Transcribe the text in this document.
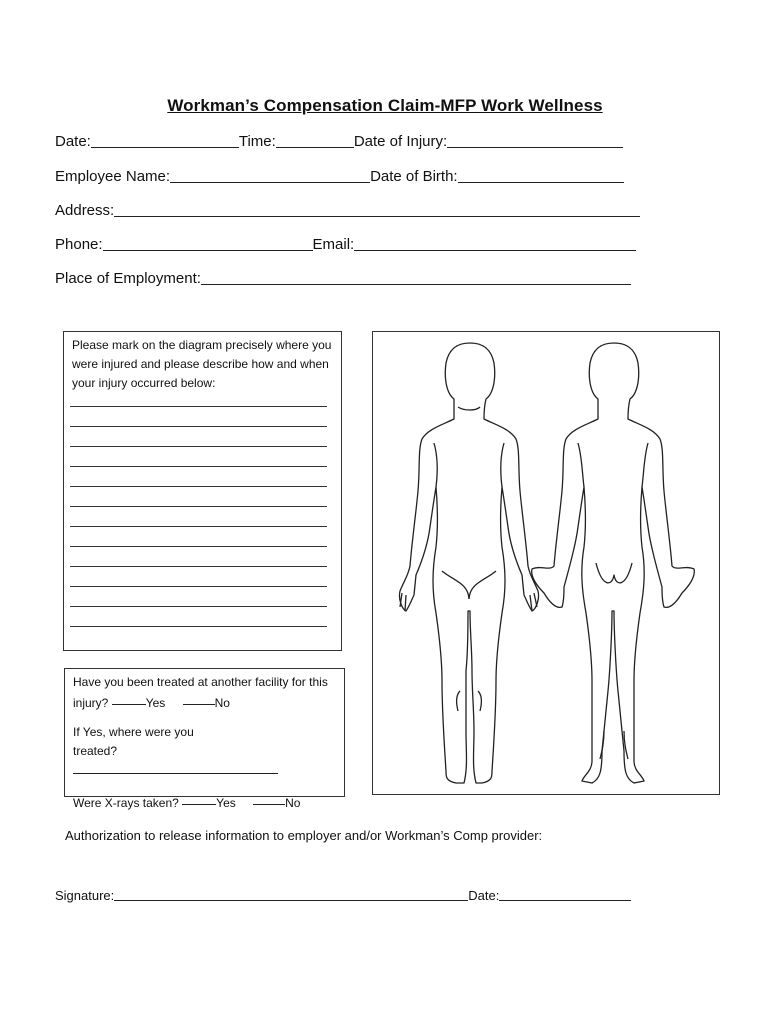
Workman’s Compensation Claim-MFP Work Wellness
Date:	Time:	Date of Injury:
Employee Name:	Date of Birth:
Address:
Phone:	Email:
Place of Employment:
Please mark on the diagram precisely where you were injured and please describe how and when your injury occurred below:
Have you been treated at another facility for this injury?	Yes	No
If Yes, where were you treated?
Were X-rays taken?	Yes	No
Authorization to release information to employer and/or Workman’s Comp provider:
Signature:	Date:
